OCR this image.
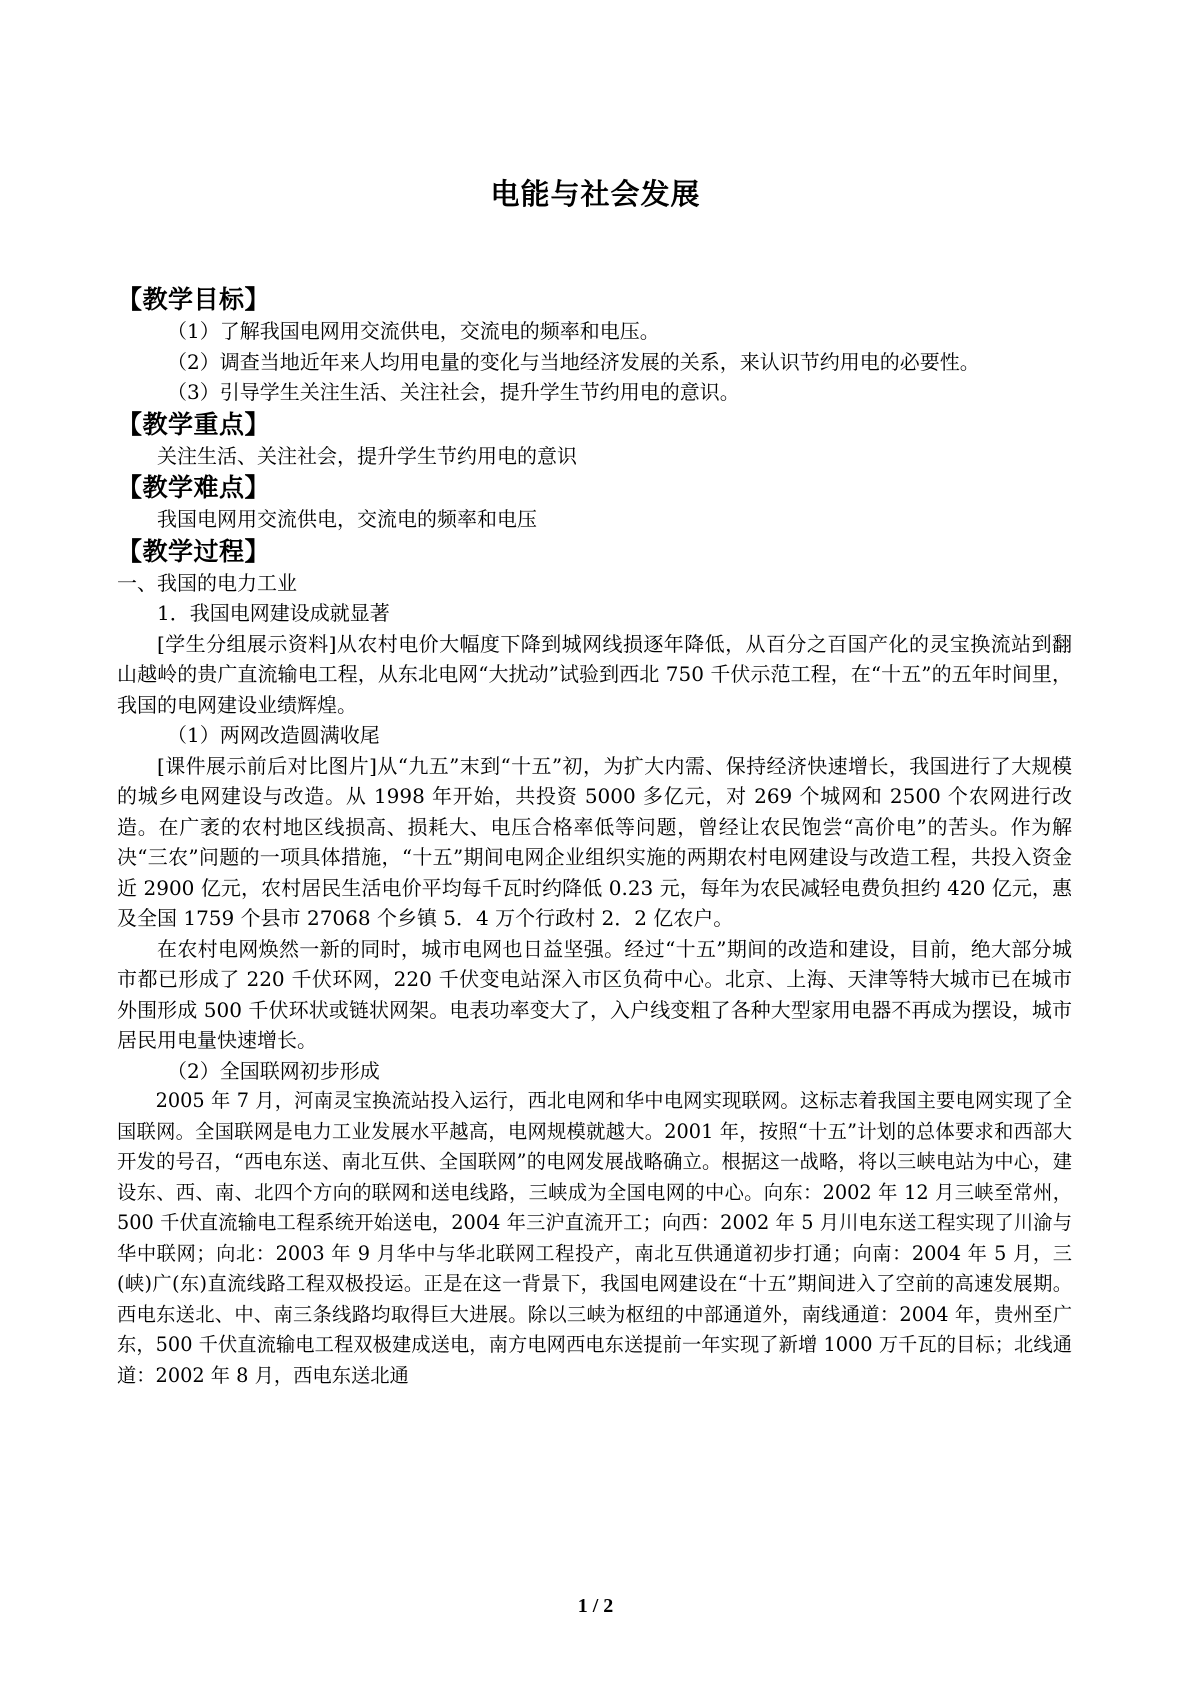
电能与社会发展
【教学目标】

（1）了解我国电网用交流供电，交流电的频率和电压。

（2）调查当地近年来人均用电量的变化与当地经济发展的关系，来认识节约用电的必要性。

（3）引导学生关注生活、关注社会，提升学生节约用电的意识。

【教学重点】

关注生活、关注社会，提升学生节约用电的意识

【教学难点】

我国电网用交流供电，交流电的频率和电压

【教学过程】

一、我国的电力工业

1．我国电网建设成就显著

[学生分组展示资料]从农村电价大幅度下降到城网线损逐年降低，从百分之百国产化的灵宝换流站到翻山越岭的贵广直流输电工程，从东北电网“大扰动”试验到西北 750 千伏示范工程，在“十五”的五年时间里，我国的电网建设业绩辉煌。

（1）两网改造圆满收尾

[课件展示前后对比图片]从“九五”末到“十五”初，为扩大内需、保持经济快速增长，我国进行了大规模的城乡电网建设与改造。从 1998 年开始，共投资 5000 多亿元，对 269 个城网和 2500 个农网进行改造。在广袤的农村地区线损高、损耗大、电压合格率低等问题，曾经让农民饱尝“高价电”的苦头。作为解决“三农”问题的一项具体措施，“十五”期间电网企业组织实施的两期农村电网建设与改造工程，共投入资金近 2900 亿元，农村居民生活电价平均每千瓦时约降低 0.23 元，每年为农民减轻电费负担约 420 亿元，惠及全国 1759 个县市 27068 个乡镇 5．4 万个行政村 2．2 亿农户。

在农村电网焕然一新的同时，城市电网也日益坚强。经过“十五”期间的改造和建设，目前，绝大部分城市都已形成了 220 千伏环网，220 千伏变电站深入市区负荷中心。北京、上海、天津等特大城市已在城市外围形成 500 千伏环状或链状网架。电表功率变大了，入户线变粗了各种大型家用电器不再成为摆设，城市居民用电量快速增长。

（2）全国联网初步形成

2005 年 7 月，河南灵宝换流站投入运行，西北电网和华中电网实现联网。这标志着我国主要电网实现了全国联网。全国联网是电力工业发展水平越高，电网规模就越大。2001 年，按照“十五”计划的总体要求和西部大开发的号召，“西电东送、南北互供、全国联网”的电网发展战略确立。根据这一战略，将以三峡电站为中心，建设东、西、南、北四个方向的联网和送电线路，三峡成为全国电网的中心。向东：2002 年 12 月三峡至常州，500 千伏直流输电工程系统开始送电，2004 年三沪直流开工；向西：2002 年 5 月川电东送工程实现了川渝与华中联网；向北：2003 年 9 月华中与华北联网工程投产，南北互供通道初步打通；向南：2004 年 5 月，三(峡)广(东)直流线路工程双极投运。正是在这一背景下，我国电网建设在“十五”期间进入了空前的高速发展期。西电东送北、中、南三条线路均取得巨大进展。除以三峡为枢纽的中部通道外，南线通道：2004 年，贵州至广东，500 千伏直流输电工程双极建成送电，南方电网西电东送提前一年实现了新增 1000 万千瓦的目标；北线通道：2002 年 8 月，西电东送北通

1 / 2
